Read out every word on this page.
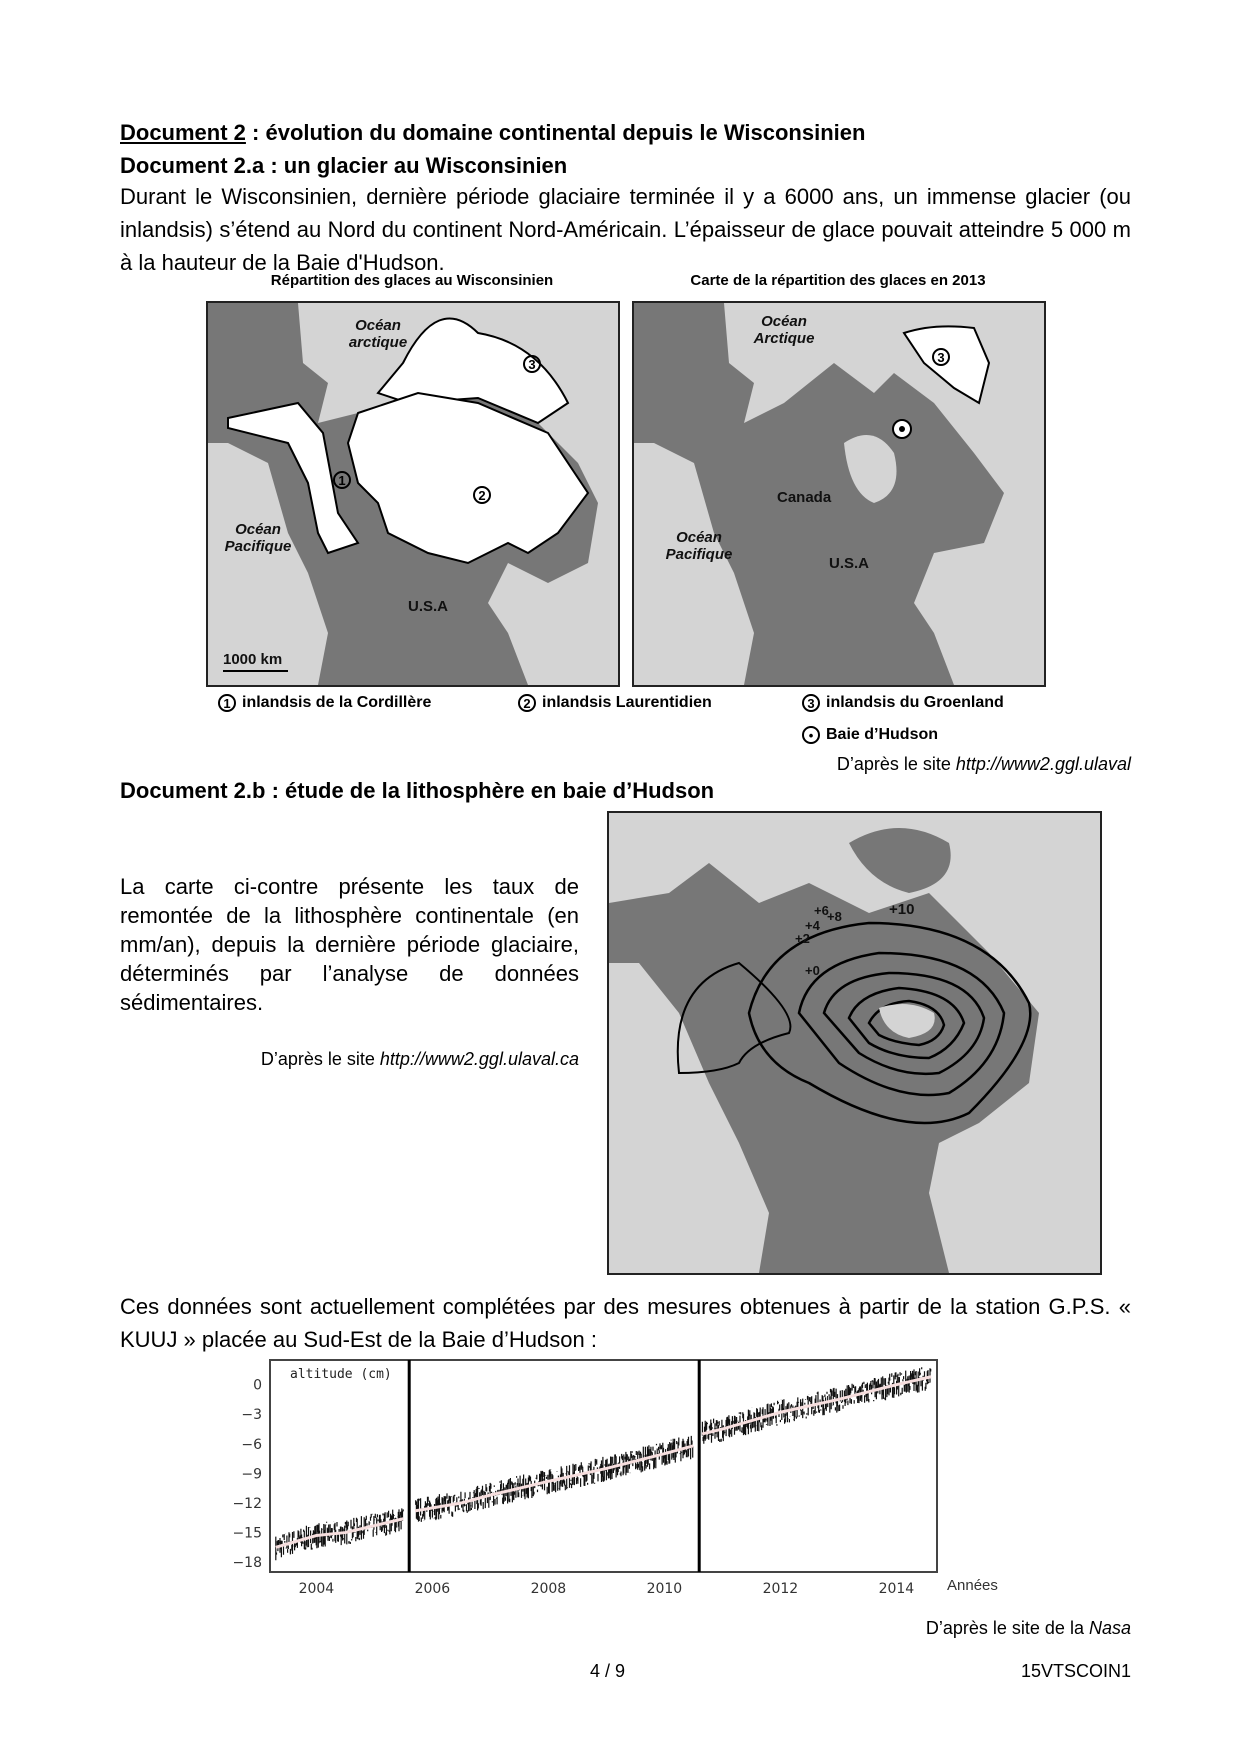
Document 2 : évolution du domaine continental depuis le Wisconsinien
Document 2.a : un glacier au Wisconsinien
Durant le Wisconsinien, dernière période glaciaire terminée il y a 6000 ans, un immense glacier (ou inlandsis) s’étend au Nord du continent Nord-Américain. L’épaisseur de glace pouvait atteindre 5 000 m à la hauteur de la Baie d'Hudson.
Répartition des glaces au Wisconsinien	Carte de la répartition des glaces en 2013
Océan arctique
Océan Pacifique
U.S.A
1000 km
1
2
3
Océan Arctique
Océan Pacifique
Canada
U.S.A
3
1 inlandsis de la Cordillère	2 inlandsis Laurentidien	3 inlandsis du Groenland
• Baie d’Hudson
D’après le site http://www2.ggl.ulaval
Document 2.b : étude de la lithosphère en baie d’Hudson
La carte ci-contre présente les taux de remontée de la lithosphère continentale (en mm/an), depuis la dernière période glaciaire, déterminés par l’analyse de données sédimentaires.
D’après le site http://www2.ggl.ulaval.ca
+10
+8
+6
+4
+2
+0
Ces données sont actuellement complétées par des mesures obtenues à partir de la station G.P.S. « KUUJ » placée au Sud-Est de la Baie d’Hudson :
0
−3
−6
−9
−12
−15
−18
2004	2006	2008	2010	2012	2014
altitude (cm)
Années
D’après le site de la Nasa
4 / 9	15VTSCOIN1
